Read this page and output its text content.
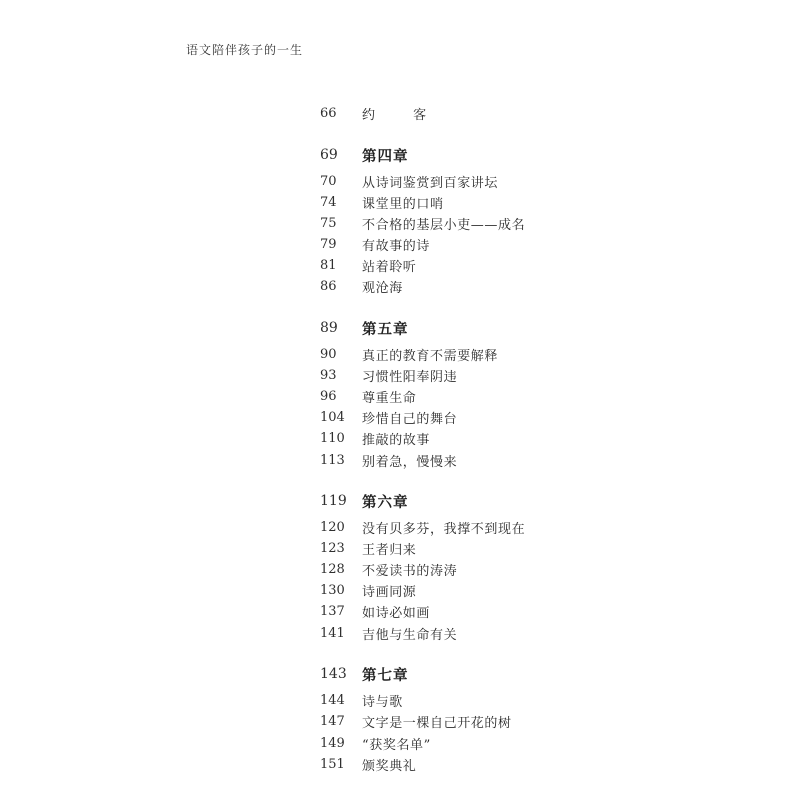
语文陪伴孩子的一生
66	约 客
69	第四章
70	从诗词鉴赏到百家讲坛
74	课堂里的口哨
75	不合格的基层小吏——成名
79	有故事的诗
81	站着聆听
86	观沧海
89	第五章
90	真正的教育不需要解释
93	习惯性阳奉阴违
96	尊重生命
104	珍惜自己的舞台
110	推敲的故事
113	别着急，慢慢来
119	第六章
120	没有贝多芬，我撑不到现在
123	王者归来
128	不爱读书的涛涛
130	诗画同源
137	如诗必如画
141	吉他与生命有关
143	第七章
144	诗与歌
147	文字是一棵自己开花的树
149	“获奖名单”
151	颁奖典礼
